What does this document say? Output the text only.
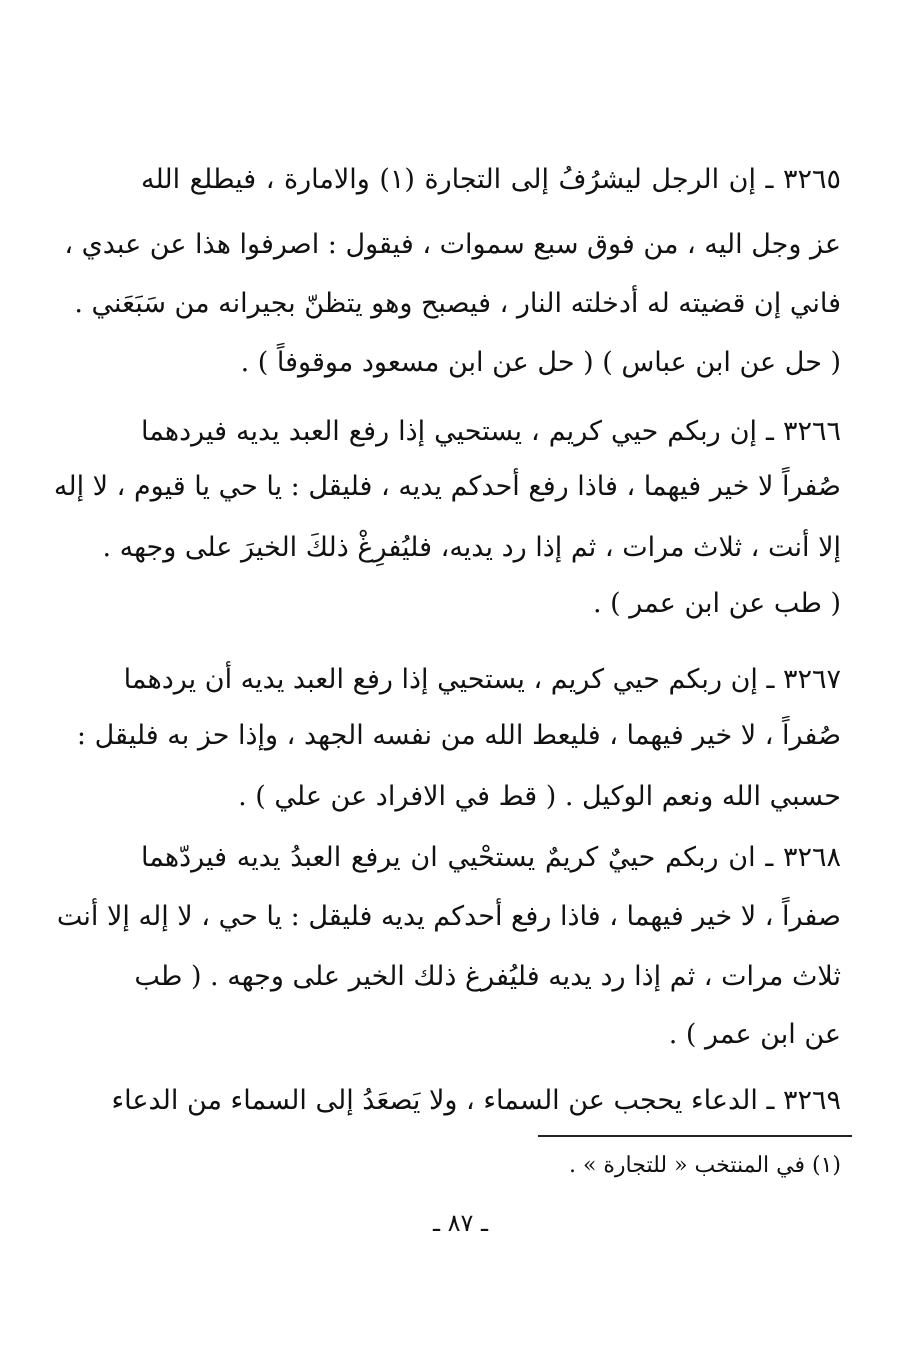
٣٢٦٥ ـ إن الرجل ليشرُفُ إلى التجارة (١) والامارة ، فيطلع الله
عز وجل اليه ، من فوق سبع سموات ، فيقول : اصرفوا هذا عن عبدي ،
فاني إن قضيته له أدخلته النار ، فيصبح وهو يتظنّ بجيرانه من سَبَعَني .
( حل عن ابن عباس ) ( حل عن ابن مسعود موقوفاً ) .
٣٢٦٦ ـ إن ربكم حيي كريم ، يستحيي إذا رفع العبد يديه فيردهما
صُفراً لا خير فيهما ، فاذا رفع أحدكم يديه ، فليقل : يا حي يا قيوم ، لا إله
إلا أنت ، ثلاث مرات ، ثم إذا رد يديه، فليُفرِغْ ذلكَ الخيرَ على وجهه .
( طب عن ابن عمر ) .
٣٢٦٧ ـ إن ربكم حيي كريم ، يستحيي إذا رفع العبد يديه أن يردهما
صُفراً ، لا خير فيهما ، فليعط الله من نفسه الجهد ، وإذا حز به فليقل :
حسبي الله ونعم الوكيل . ( قط في الافراد عن علي ) .
٣٢٦٨ ـ ان ربكم حييٌ كريمٌ يستحْيي ان يرفع العبدُ يديه فيردّهما
صفراً ، لا خير فيهما ، فاذا رفع أحدكم يديه فليقل : يا حي ، لا إله إلا أنت
ثلاث مرات ، ثم إذا رد يديه فليُفرغ ذلك الخير على وجهه . ( طب
عن ابن عمر ) .
٣٢٦٩ ـ الدعاء يحجب عن السماء ، ولا يَصعَدُ إلى السماء من الدعاء
(١) في المنتخب « للتجارة » .
ـ ٨٧ ـ
